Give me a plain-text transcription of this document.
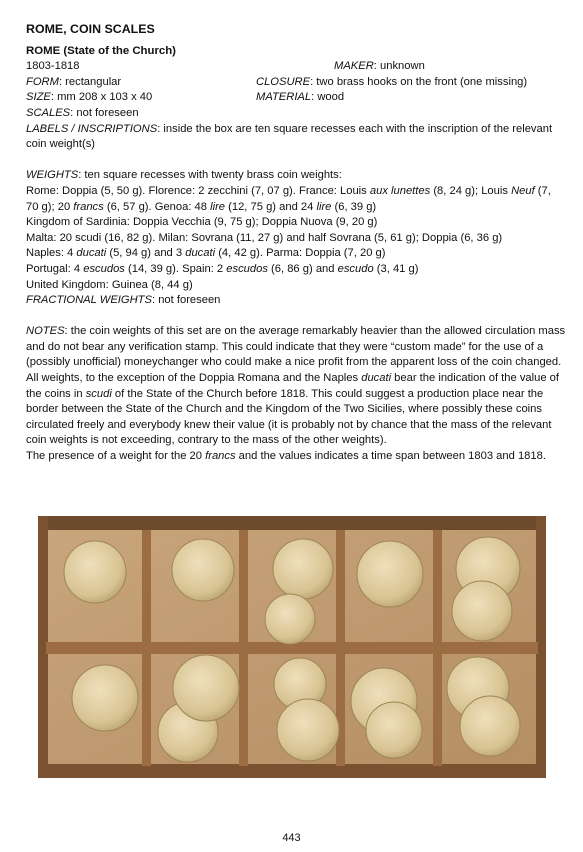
ROME, COIN SCALES
ROME (State of the Church)
1803-1818	MAKER: unknown
FORM: rectangular	CLOSURE: two brass hooks on the front (one missing)
SIZE: mm 208 x 103 x 40	MATERIAL: wood
SCALES: not foreseen
LABELS / INSCRIPTIONS: inside the box are ten square recesses each with the inscription of the relevant coin weight(s)
WEIGHTS: ten square recesses with twenty brass coin weights:
Rome: Doppia (5, 50 g). Florence: 2 zecchini (7, 07 g). France: Louis aux lunettes (8, 24 g); Louis Neuf (7, 70 g); 20 francs (6, 57 g). Genoa: 48 lire (12, 75 g) and 24 lire (6, 39 g)
Kingdom of Sardinia: Doppia Vecchia (9, 75 g); Doppia Nuova (9, 20 g)
Malta: 20 scudi (16, 82 g). Milan: Sovrana (11, 27 g) and half Sovrana (5, 61 g); Doppia (6, 36 g)
Naples: 4 ducati (5, 94 g) and 3 ducati (4, 42 g). Parma: Doppia (7, 20 g)
Portugal: 4 escudos (14, 39 g). Spain: 2 escudos (6, 86 g) and escudo (3, 41 g)
United Kingdom: Guinea (8, 44 g)
FRACTIONAL WEIGHTS: not foreseen
NOTES: the coin weights of this set are on the average remarkably heavier than the allowed circulation mass and do not bear any verification stamp. This could indicate that they were “custom made” for the use of a (possibly unofficial) moneychanger who could make a nice profit from the apparent loss of the coin changed.
All weights, to the exception of the Doppia Romana and the Naples ducati bear the indication of the value of the coins in scudi of the State of the Church before 1818. This could suggest a production place near the border between the State of the Church and the Kingdom of the Two Sicilies, where possibly these coins circulated freely and everybody knew their value (it is probably not by chance that the mass of the relevant coin weights is not exceeding, contrary to the mass of the other weights).
The presence of a weight for the 20 francs and the values indicates a time span between 1803 and 1818.
443
